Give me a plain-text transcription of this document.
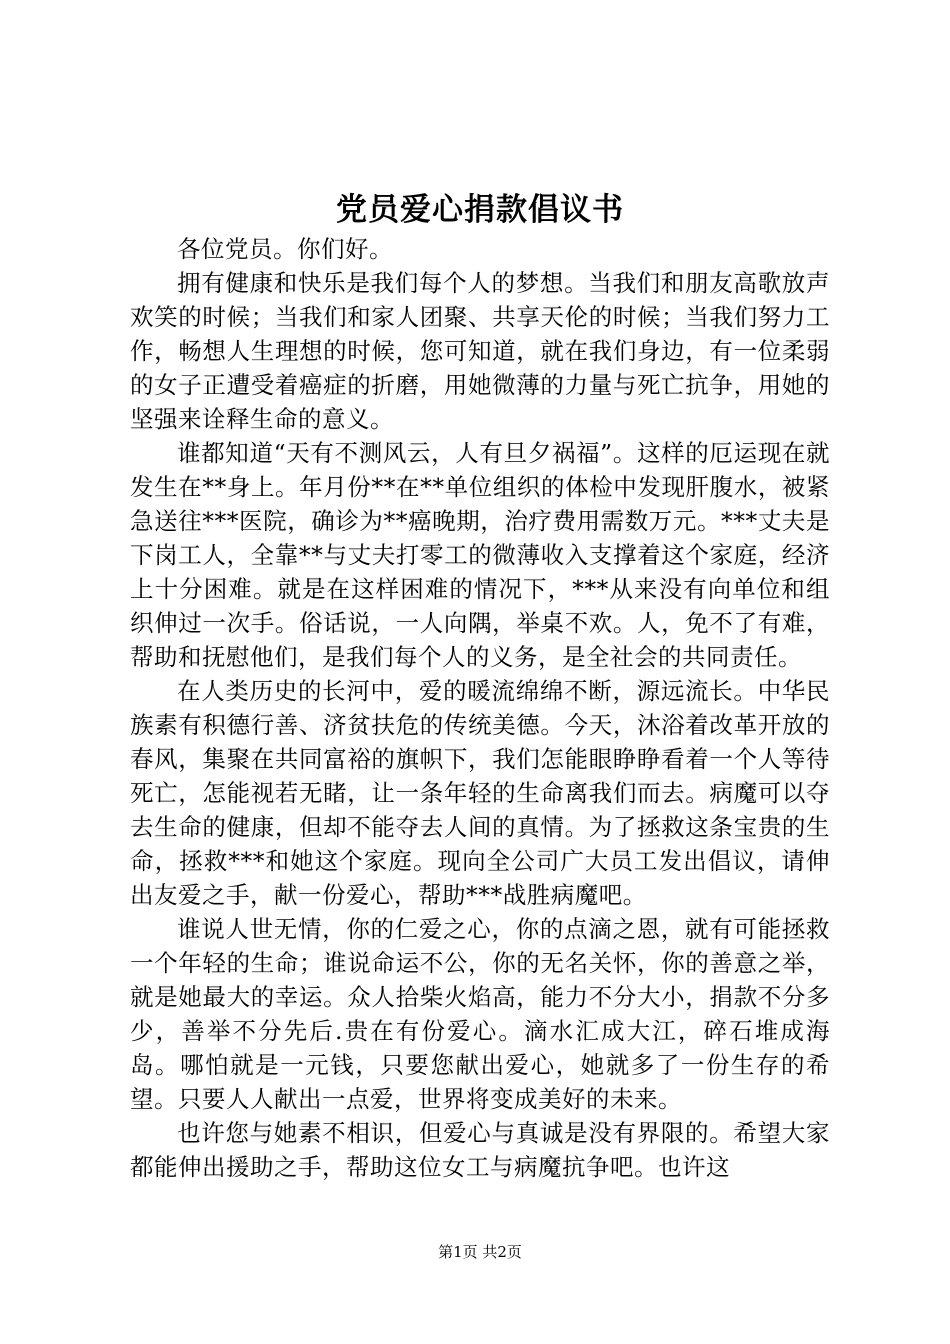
党员爱心捐款倡议书

各位党员。你们好。

拥有健康和快乐是我们每个人的梦想。当我们和朋友高歌放声欢笑的时候；当我们和家人团聚、共享天伦的时候；当我们努力工作，畅想人生理想的时候，您可知道，就在我们身边，有一位柔弱的女子正遭受着癌症的折磨，用她微薄的力量与死亡抗争，用她的坚强来诠释生命的意义。

谁都知道“天有不测风云，人有旦夕祸福”。这样的厄运现在就发生在**身上。年月份**在**单位组织的体检中发现肝腹水，被紧急送往***医院，确诊为**癌晚期，治疗费用需数万元。***丈夫是下岗工人，全靠**与丈夫打零工的微薄收入支撑着这个家庭，经济上十分困难。就是在这样困难的情况下，***从来没有向单位和组织伸过一次手。俗话说，一人向隅，举桌不欢。人，免不了有难，帮助和抚慰他们，是我们每个人的义务，是全社会的共同责任。

在人类历史的长河中，爱的暖流绵绵不断，源远流长。中华民族素有积德行善、济贫扶危的传统美德。今天，沐浴着改革开放的春风，集聚在共同富裕的旗帜下，我们怎能眼睁睁看着一个人等待死亡，怎能视若无睹，让一条年轻的生命离我们而去。病魔可以夺去生命的健康，但却不能夺去人间的真情。为了拯救这条宝贵的生命，拯救***和她这个家庭。现向全公司广大员工发出倡议，请伸出友爱之手，献一份爱心，帮助***战胜病魔吧。

谁说人世无情，你的仁爱之心，你的点滴之恩，就有可能拯救一个年轻的生命；谁说命运不公，你的无名关怀，你的善意之举，就是她最大的幸运。众人拾柴火焰高，能力不分大小，捐款不分多少，善举不分先后.贵在有份爱心。滴水汇成大江，碎石堆成海岛。哪怕就是一元钱，只要您献出爱心，她就多了一份生存的希望。只要人人献出一点爱，世界将变成美好的未来。

也许您与她素不相识，但爱心与真诚是没有界限的。希望大家都能伸出援助之手，帮助这位女工与病魔抗争吧。也许这

第1页 共2页
